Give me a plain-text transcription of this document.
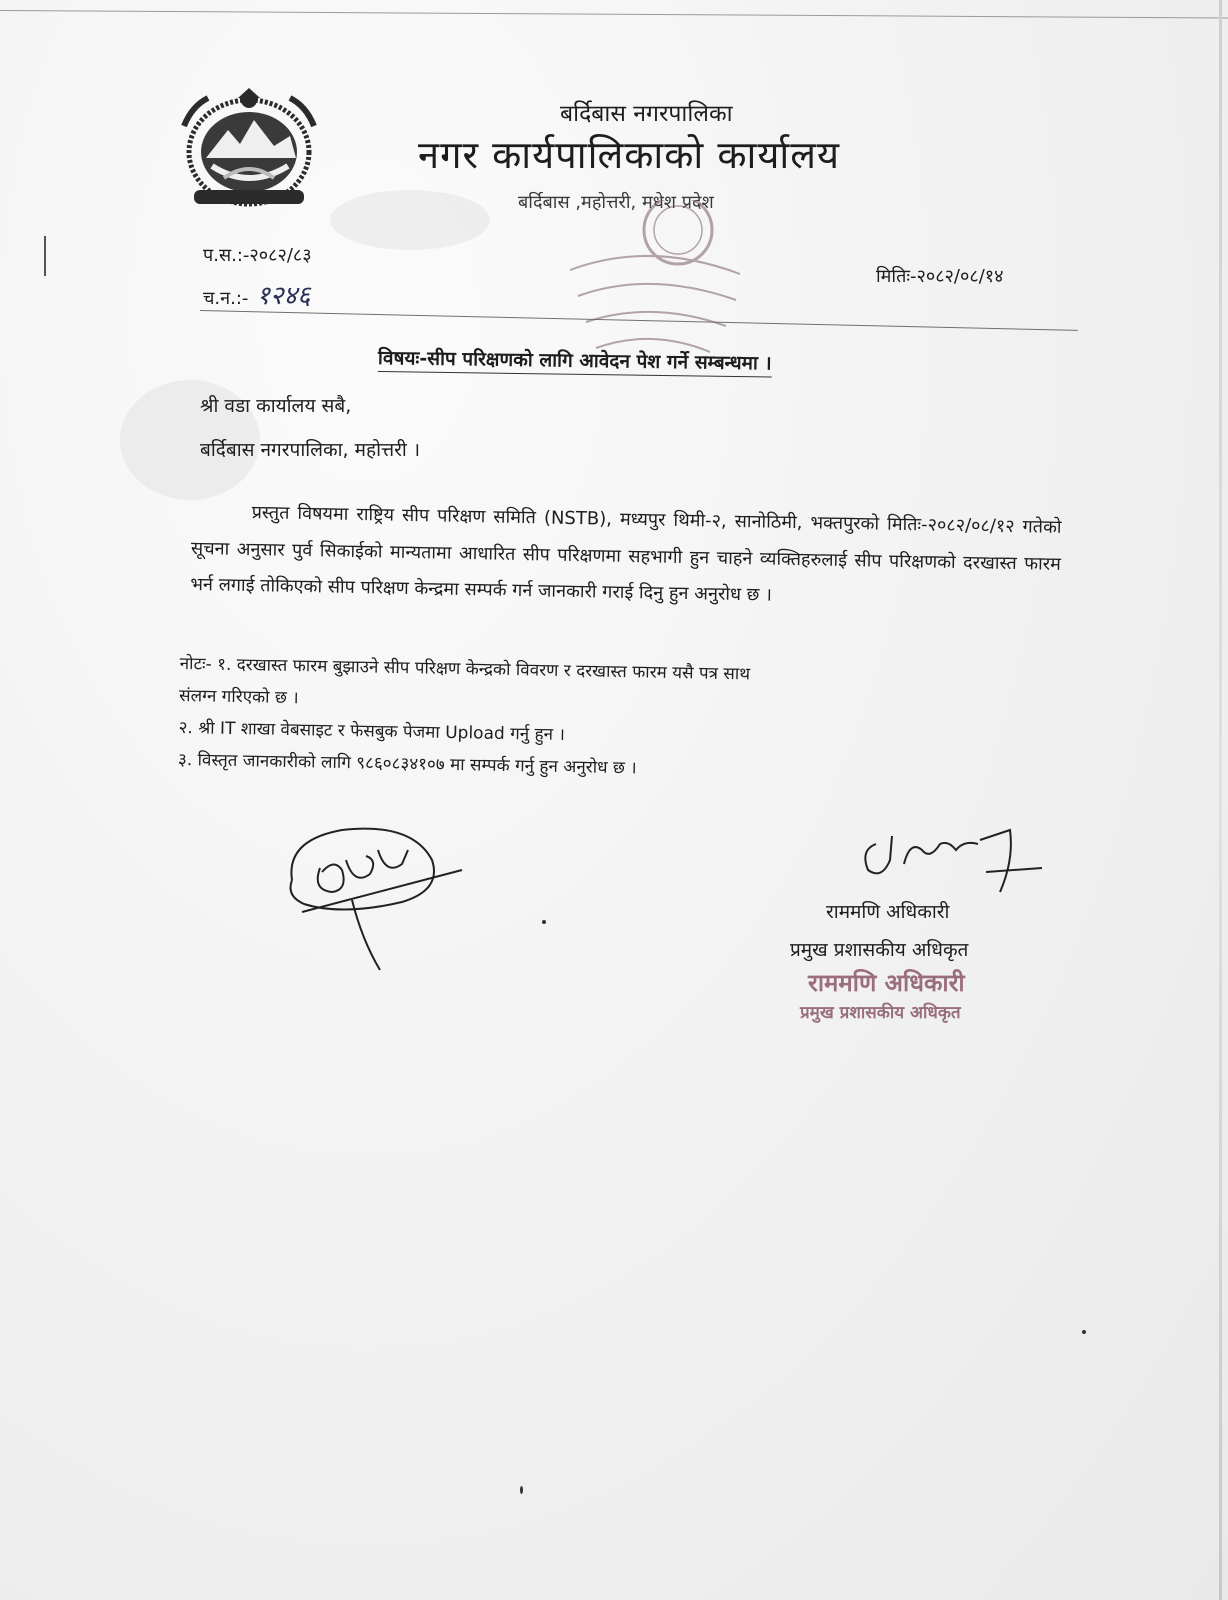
बर्दिबास नगरपालिका
नगर कार्यपालिकाको कार्यालय
बर्दिबास ,महोत्तरी, मधेश प्रदेश
प.स.:-२०८२/८३
च.न.:- १२४६
मितिः-२०८२/०८/१४
विषयः-सीप परिक्षणको लागि आवेदन पेश गर्ने सम्बन्धमा ।
श्री वडा कार्यालय सबै,
बर्दिबास नगरपालिका, महोत्तरी ।
प्रस्तुत विषयमा राष्ट्रिय सीप परिक्षण समिति (NSTB), मध्यपुर थिमी-२, सानोठिमी, भक्तपुरको मितिः-२०८२/०८/१२ गतेको सूचना अनुसार पुर्व सिकाईको मान्यतामा आधारित सीप परिक्षणमा सहभागी हुन चाहने व्यक्तिहरुलाई सीप परिक्षणको दरखास्त फारम भर्न लगाई तोकिएको सीप परिक्षण केन्द्रमा सम्पर्क गर्न जानकारी गराई दिनु हुन अनुरोध छ ।
नोटः- १. दरखास्त फारम बुझाउने सीप परिक्षण केन्द्रको विवरण र दरखास्त फारम यसै पत्र साथ
संलग्न गरिएको छ ।
२. श्री IT शाखा वेबसाइट र फेसबुक पेजमा Upload गर्नु हुन ।
३. विस्तृत जानकारीको लागि ९८६०८३४१०७ मा सम्पर्क गर्नु हुन अनुरोध छ ।
राममणि अधिकारी
प्रमुख प्रशासकीय अधिकृत
राममणि अधिकारी
प्रमुख प्रशासकीय अधिकृत
